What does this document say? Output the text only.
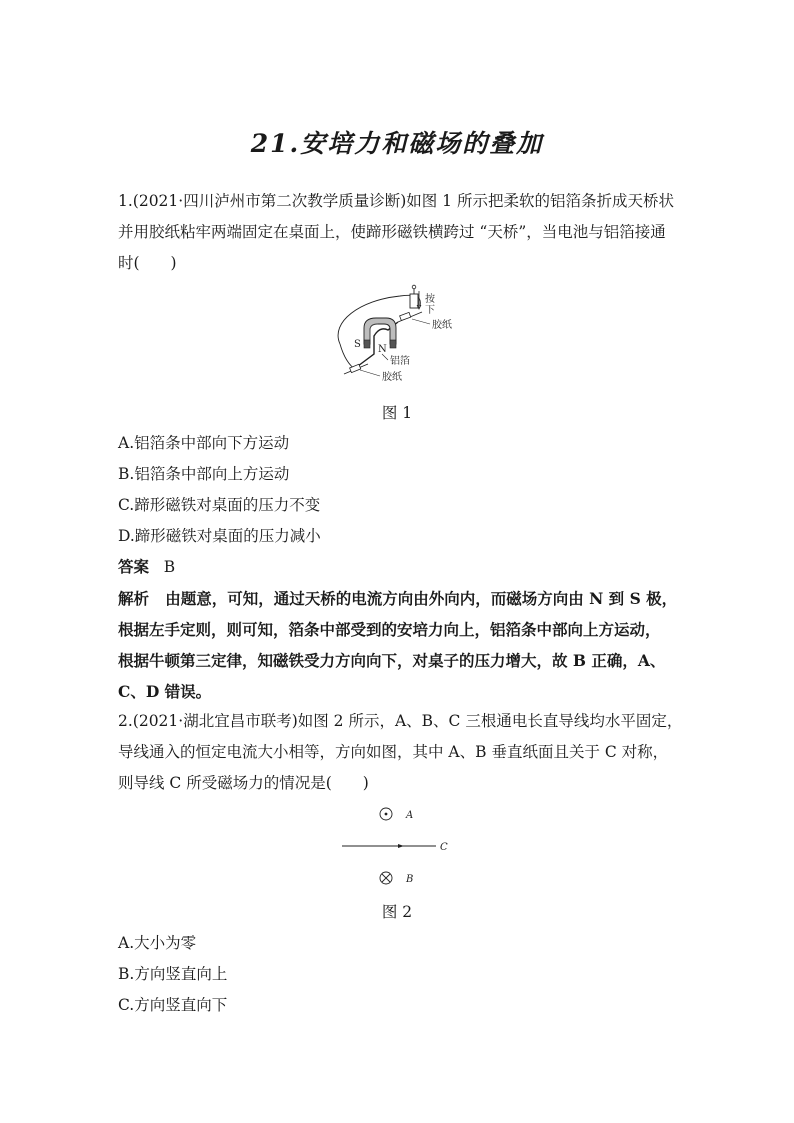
21.安培力和磁场的叠加
1.(2021·四川泸州市第二次教学质量诊断)如图 1 所示把柔软的铝箔条折成天桥状
并用胶纸粘牢两端固定在桌面上，使蹄形磁铁横跨过 “天桥”，当电池与铝箔接通
时(　　)
按
下
胶纸
S N
铝箔
胶纸
图 1
A.铝箔条中部向下方运动
B.铝箔条中部向上方运动
C.蹄形磁铁对桌面的压力不变
D.蹄形磁铁对桌面的压力减小
答案 B
解析 由题意，可知，通过天桥的电流方向由外向内，而磁场方向由 N 到 S 极，
根据左手定则，则可知，箔条中部受到的安培力向上，铝箔条中部向上方运动，
根据牛顿第三定律，知磁铁受力方向向下，对桌子的压力增大，故 B 正确，A、
C、D 错误。
2.(2021·湖北宜昌市联考)如图 2 所示，A、B、C 三根通电长直导线均水平固定，
导线通入的恒定电流大小相等，方向如图，其中 A、B 垂直纸面且关于 C 对称，
则导线 C 所受磁场力的情况是(　　)
A
C
B
图 2
A.大小为零
B.方向竖直向上
C.方向竖直向下
